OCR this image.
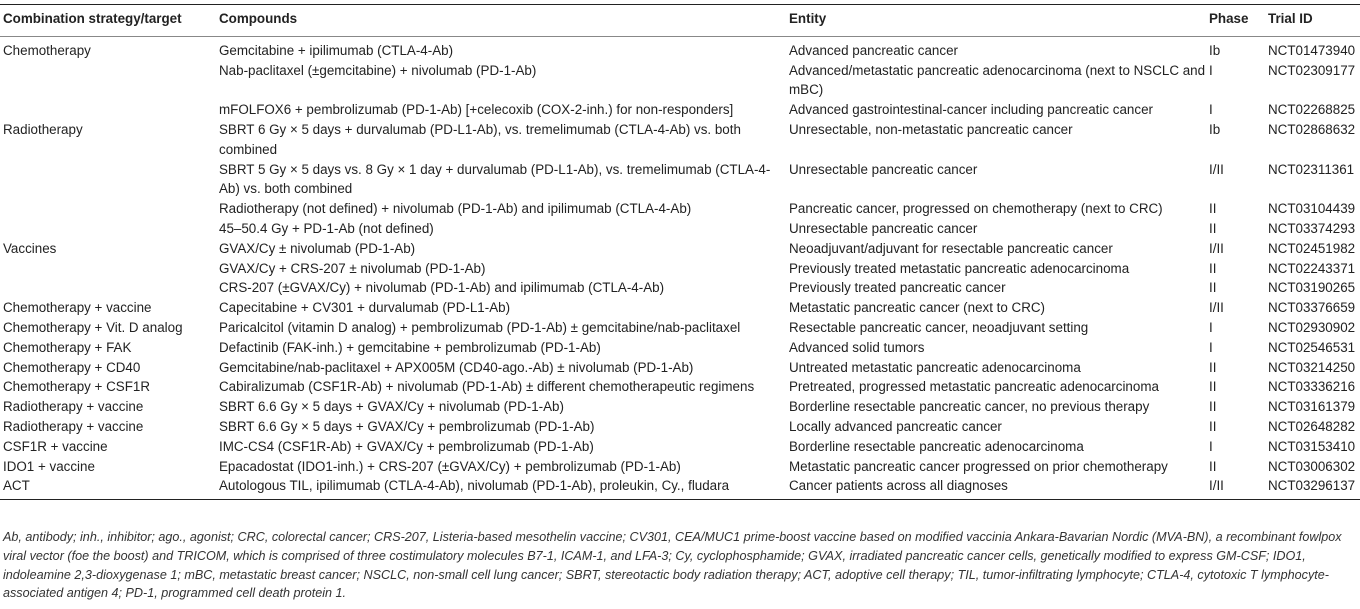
Combination strategy/target	Compounds	Entity	Phase	Trial ID
Chemotherapy	Gemcitabine + ipilimumab (CTLA-4-Ab)	Advanced pancreatic cancer	Ib	NCT01473940
	Nab-paclitaxel (±gemcitabine) + nivolumab (PD-1-Ab)	Advanced/metastatic pancreatic adenocarcinoma (next to NSCLC and mBC)	I	NCT02309177
	mFOLFOX6 + pembrolizumab (PD-1-Ab) [+celecoxib (COX-2-inh.) for non-responders]	Advanced gastrointestinal-cancer including pancreatic cancer	I	NCT02268825
Radiotherapy	SBRT 6 Gy × 5 days + durvalumab (PD-L1-Ab), vs. tremelimumab (CTLA-4-Ab) vs. both combined	Unresectable, non-metastatic pancreatic cancer	Ib	NCT02868632
	SBRT 5 Gy × 5 days vs. 8 Gy × 1 day + durvalumab (PD-L1-Ab), vs. tremelimumab (CTLA-4-Ab) vs. both combined	Unresectable pancreatic cancer	I/II	NCT02311361
	Radiotherapy (not defined) + nivolumab (PD-1-Ab) and ipilimumab (CTLA-4-Ab)	Pancreatic cancer, progressed on chemotherapy (next to CRC)	II	NCT03104439
	45–50.4 Gy + PD-1-Ab (not defined)	Unresectable pancreatic cancer	II	NCT03374293
Vaccines	GVAX/Cy ± nivolumab (PD-1-Ab)	Neoadjuvant/adjuvant for resectable pancreatic cancer	I/II	NCT02451982
	GVAX/Cy + CRS-207 ± nivolumab (PD-1-Ab)	Previously treated metastatic pancreatic adenocarcinoma	II	NCT02243371
	CRS-207 (±GVAX/Cy) + nivolumab (PD-1-Ab) and ipilimumab (CTLA-4-Ab)	Previously treated pancreatic cancer	II	NCT03190265
Chemotherapy + vaccine	Capecitabine + CV301 + durvalumab (PD-L1-Ab)	Metastatic pancreatic cancer (next to CRC)	I/II	NCT03376659
Chemotherapy + Vit. D analog	Paricalcitol (vitamin D analog) + pembrolizumab (PD-1-Ab) ± gemcitabine/nab-paclitaxel	Resectable pancreatic cancer, neoadjuvant setting	I	NCT02930902
Chemotherapy + FAK	Defactinib (FAK-inh.) + gemcitabine + pembrolizumab (PD-1-Ab)	Advanced solid tumors	I	NCT02546531
Chemotherapy + CD40	Gemcitabine/nab-paclitaxel + APX005M (CD40-ago.-Ab) ± nivolumab (PD-1-Ab)	Untreated metastatic pancreatic adenocarcinoma	II	NCT03214250
Chemotherapy + CSF1R	Cabiralizumab (CSF1R-Ab) + nivolumab (PD-1-Ab) ± different chemotherapeutic regimens	Pretreated, progressed metastatic pancreatic adenocarcinoma	II	NCT03336216
Radiotherapy + vaccine	SBRT 6.6 Gy × 5 days + GVAX/Cy + nivolumab (PD-1-Ab)	Borderline resectable pancreatic cancer, no previous therapy	II	NCT03161379
Radiotherapy + vaccine	SBRT 6.6 Gy × 5 days + GVAX/Cy + pembrolizumab (PD-1-Ab)	Locally advanced pancreatic cancer	II	NCT02648282
CSF1R + vaccine	IMC-CS4 (CSF1R-Ab) + GVAX/Cy + pembrolizumab (PD-1-Ab)	Borderline resectable pancreatic adenocarcinoma	I	NCT03153410
IDO1 + vaccine	Epacadostat (IDO1-inh.) + CRS-207 (±GVAX/Cy) + pembrolizumab (PD-1-Ab)	Metastatic pancreatic cancer progressed on prior chemotherapy	II	NCT03006302
ACT	Autologous TIL, ipilimumab (CTLA-4-Ab), nivolumab (PD-1-Ab), proleukin, Cy., fludara	Cancer patients across all diagnoses	I/II	NCT03296137
Ab, antibody; inh., inhibitor; ago., agonist; CRC, colorectal cancer; CRS-207, Listeria-based mesothelin vaccine; CV301, CEA/MUC1 prime-boost vaccine based on modified vaccinia Ankara-Bavarian Nordic (MVA-BN), a recombinant fowlpox viral vector (foe the boost) and TRICOM, which is comprised of three costimulatory molecules B7-1, ICAM-1, and LFA-3; Cy, cyclophosphamide; GVAX, irradiated pancreatic cancer cells, genetically modified to express GM-CSF; IDO1, indoleamine 2,3-dioxygenase 1; mBC, metastatic breast cancer; NSCLC, non-small cell lung cancer; SBRT, stereotactic body radiation therapy; ACT, adoptive cell therapy; TIL, tumor-infiltrating lymphocyte; CTLA-4, cytotoxic T lymphocyte-associated antigen 4; PD-1, programmed cell death protein 1.
